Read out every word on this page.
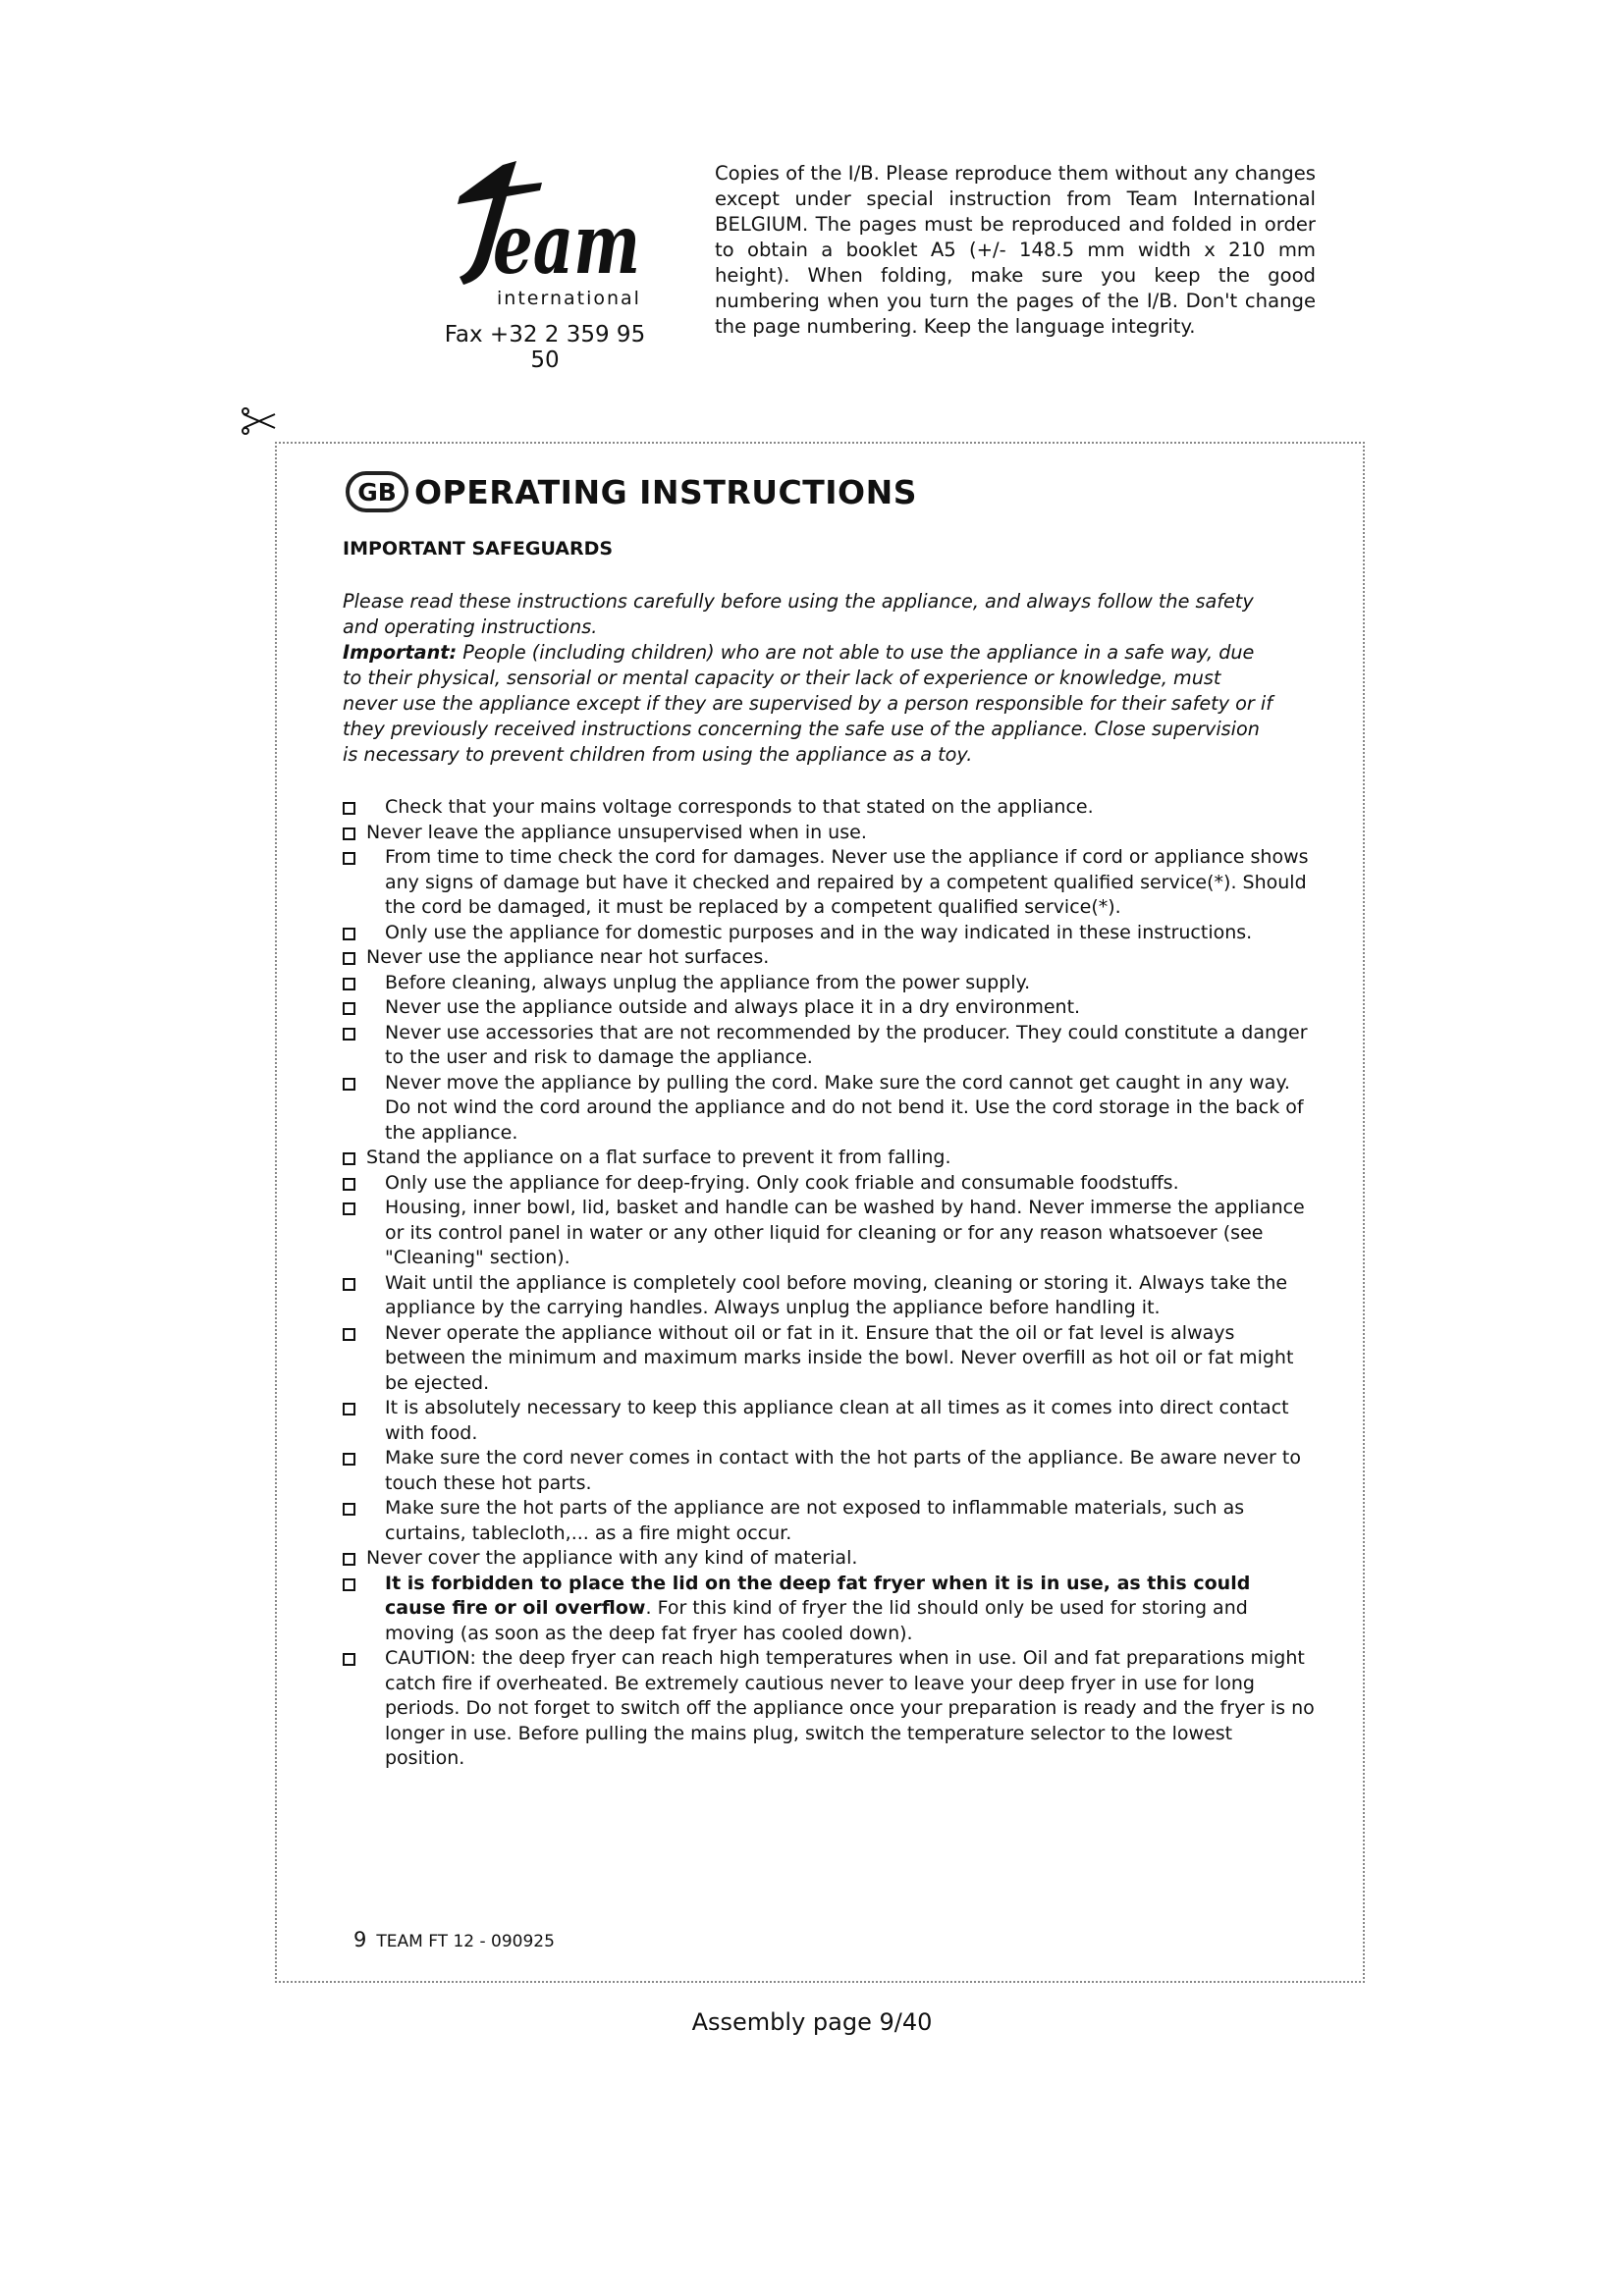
eam
international
Fax +32 2 359 95 50
Copies of the I/B. Please reproduce them without any changes except under special instruction from Team International BELGIUM. The pages must be reproduced and folded in order to obtain a booklet A5 (+/- 148.5 mm width x 210 mm height). When folding, make sure you keep the good numbering when you turn the pages of the I/B. Don't change the page numbering. Keep the language integrity.
GB OPERATING INSTRUCTIONS
IMPORTANT SAFEGUARDS

Please read these instructions carefully before using the appliance, and always follow the safety and operating instructions.

Important: People (including children) who are not able to use the appliance in a safe way, due to their physical, sensorial or mental capacity or their lack of experience or knowledge, must never use the appliance except if they are supervised by a person responsible for their safety or if they previously received instructions concerning the safe use of the appliance. Close supervision is necessary to prevent children from using the appliance as a toy.

Check that your mains voltage corresponds to that stated on the appliance.
Never leave the appliance unsupervised when in use.
From time to time check the cord for damages. Never use the appliance if cord or appliance shows any signs of damage but have it checked and repaired by a competent qualified service(*). Should the cord be damaged, it must be replaced by a competent qualified service(*).
Only use the appliance for domestic purposes and in the way indicated in these instructions.
Never use the appliance near hot surfaces.
Before cleaning, always unplug the appliance from the power supply.
Never use the appliance outside and always place it in a dry environment.
Never use accessories that are not recommended by the producer. They could constitute a danger to the user and risk to damage the appliance.
Never move the appliance by pulling the cord. Make sure the cord cannot get caught in any way. Do not wind the cord around the appliance and do not bend it. Use the cord storage in the back of the appliance.
Stand the appliance on a flat surface to prevent it from falling.
Only use the appliance for deep-frying. Only cook friable and consumable foodstuffs.
Housing, inner bowl, lid, basket and handle can be washed by hand. Never immerse the appliance or its control panel in water or any other liquid for cleaning or for any reason whatsoever (see "Cleaning" section).
Wait until the appliance is completely cool before moving, cleaning or storing it. Always take the appliance by the carrying handles. Always unplug the appliance before handling it.
Never operate the appliance without oil or fat in it. Ensure that the oil or fat level is always between the minimum and maximum marks inside the bowl. Never overfill as hot oil or fat might be ejected.
It is absolutely necessary to keep this appliance clean at all times as it comes into direct contact with food.
Make sure the cord never comes in contact with the hot parts of the appliance. Be aware never to touch these hot parts.
Make sure the hot parts of the appliance are not exposed to inflammable materials, such as curtains, tablecloth,... as a fire might occur.
Never cover the appliance with any kind of material.
It is forbidden to place the lid on the deep fat fryer when it is in use, as this could cause fire or oil overflow. For this kind of fryer the lid should only be used for storing and moving (as soon as the deep fat fryer has cooled down).
CAUTION: the deep fryer can reach high temperatures when in use. Oil and fat preparations might catch fire if overheated. Be extremely cautious never to leave your deep fryer in use for long periods. Do not forget to switch off the appliance once your preparation is ready and the fryer is no longer in use. Before pulling the mains plug, switch the temperature selector to the lowest position.
9 TEAM FT 12 - 090925
Assembly page 9/40
